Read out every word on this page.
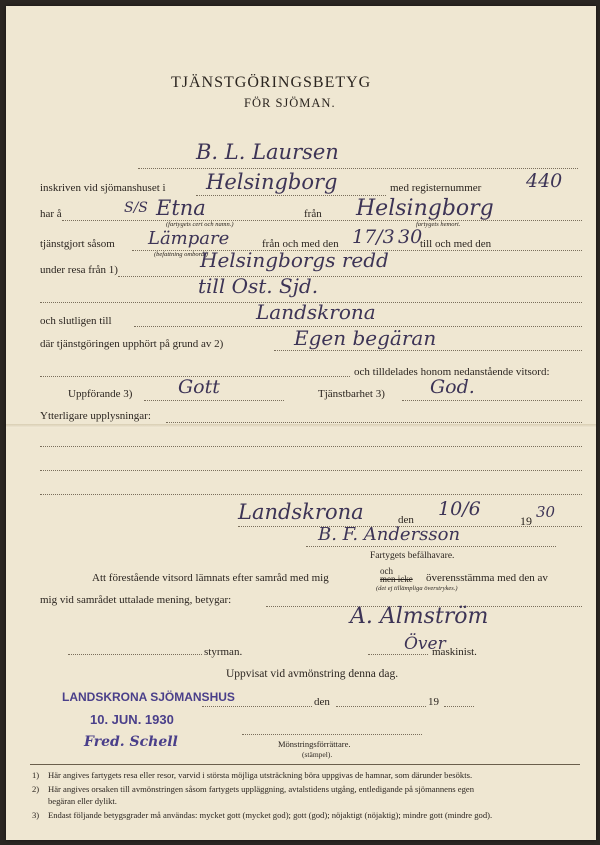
TJÄNSTGÖRINGSBETYG
FÖR SJÖMAN.
B. L. Laursen
inskriven vid sjömanshuset i Helsingborg	med registernummer 440
har å	S/S Etna
(fartygets cert och namn.)
från Helsingborg
fartygets hemort.
tjänstgjort såsom Lämpare
(befattning ombord.)
från och med den 17/3 30
till och med den
under resa från 1)	Helsingborgs redd
till Ost. Sjd.
och slutligen till	Landskrona
där tjänstgöringen upphört på grund av 2)	Egen begäran
och tilldelades honom nedanstående vitsord:
Uppförande 3) Gott	Tjänstbarhet 3) God.
Ytterligare upplysningar:
Landskrona	den 10/6
19 30
B. F. Andersson
Fartygets befälhavare.
Att förestående vitsord lämnats efter samråd med mig
och
men icke överensstämma med den av
(det ej tillämpliga överstrykes.)
mig vid samrådet uttalade mening, betygar:
A. Almström
styrman.	Över
maskinist.
Uppvisat vid avmönstring denna dag.
LANDSKRONA SJÖMANSHUS
10. JUN. 1930
Fred. Schell
den	19
Mönstringsförrättare.
(stämpel).
1) Här angives fartygets resa eller resor, varvid i största möjliga utsträckning böra uppgivas de hamnar, som därunder besökts.
2) Här angives orsaken till avmönstringen såsom fartygets uppläggning, avtalstidens utgång, entledigande på sjömannens egen
begäran eller dylikt.
3) Endast följande betygsgrader må användas: mycket gott (mycket god); gott (god); nöjaktigt (nöjaktig); mindre gott (mindre god).
